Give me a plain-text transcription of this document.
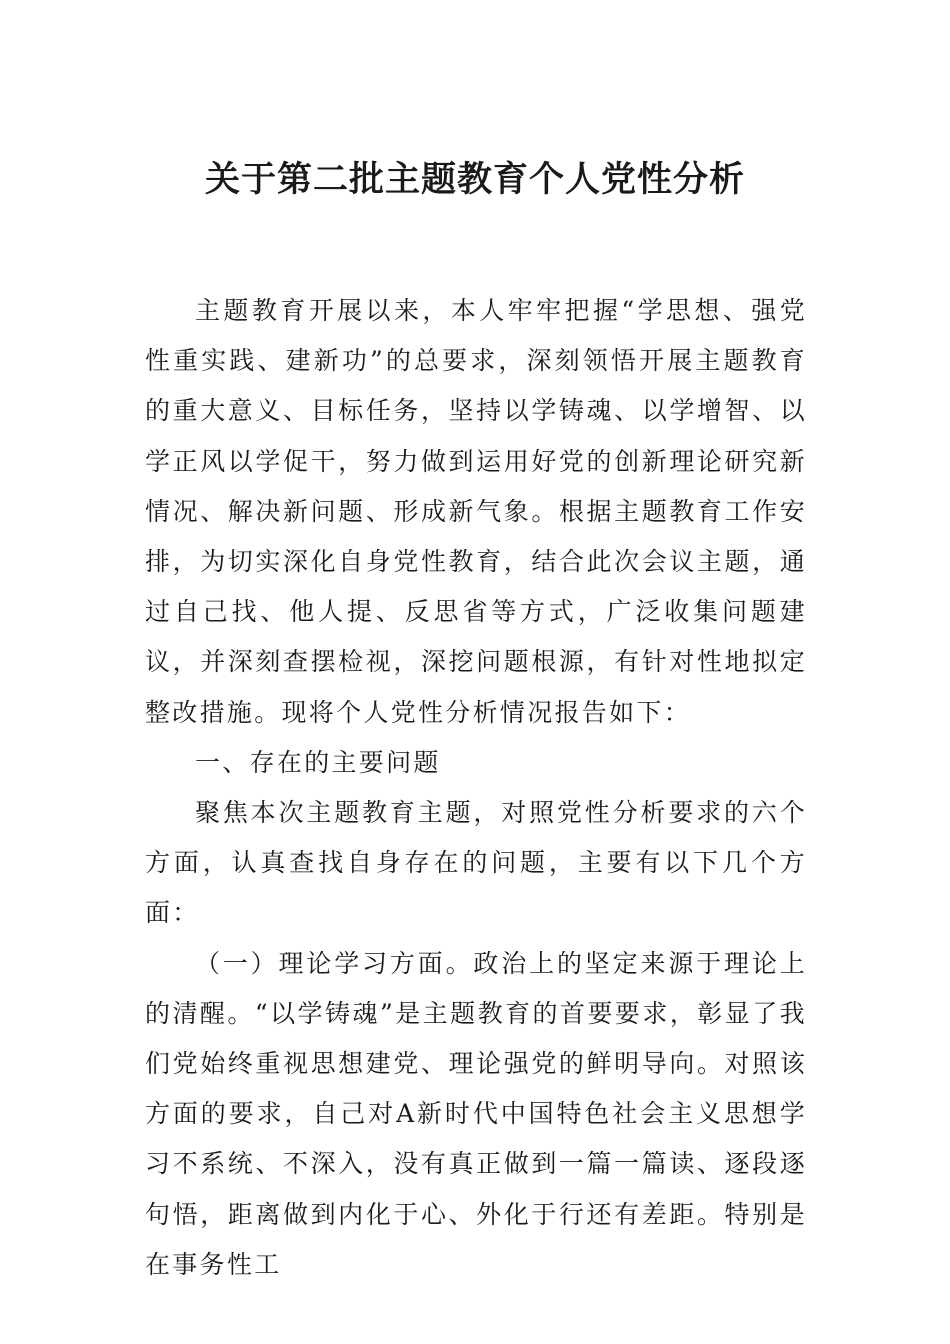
关于第二批主题教育个人党性分析

主题教育开展以来，本人牢牢把握“学思想、强党性重实践、建新功”的总要求，深刻领悟开展主题教育的重大意义、目标任务，坚持以学铸魂、以学增智、以学正风以学促干，努力做到运用好党的创新理论研究新情况、解决新问题、形成新气象。根据主题教育工作安排，为切实深化自身党性教育，结合此次会议主题，通过自己找、他人提、反思省等方式，广泛收集问题建议，并深刻查摆检视，深挖问题根源，有针对性地拟定整改措施。现将个人党性分析情况报告如下：

一、存在的主要问题

聚焦本次主题教育主题，对照党性分析要求的六个方面，认真查找自身存在的问题，主要有以下几个方面：

（一）理论学习方面。政治上的坚定来源于理论上的清醒。“以学铸魂”是主题教育的首要要求，彰显了我们党始终重视思想建党、理论强党的鲜明导向。对照该方面的要求，自己对A新时代中国特色社会主义思想学习不系统、不深入，没有真正做到一篇一篇读、逐段逐句悟，距离做到内化于心、外化于行还有差距。特别是在事务性工
